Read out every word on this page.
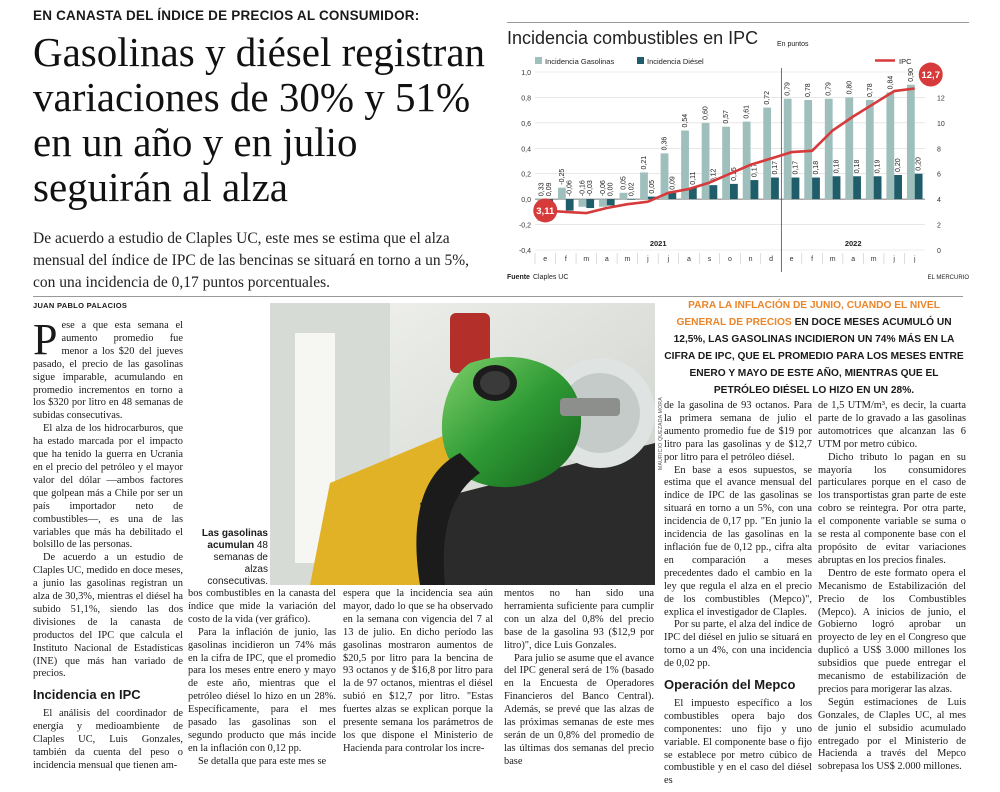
EN CANASTA DEL ÍNDICE DE PRECIOS AL CONSUMIDOR:
Gasolinas y diésel registran variaciones de 30% y 51% en un año y en julio seguirán al alza
De acuerdo a estudio de Claples UC, este mes se estima que el alza mensual del índice de IPC de las bencinas se situará en torno a un 5%, con una incidencia de 0,17 puntos porcentuales.
JUAN PABLO PALACIOS
Incidencia combustibles en IPC	En puntos
-0,4
-0,2
0,0
0,2
0,4
0,6
0,8
1,0
0
2
4
6
8
10
12
0,33 0,09
e
-0,25
-0,06
f
-0,16 -0,03
m
-0,06 0,00
a
0,05 0,02
m
0,21
0,05
j
0,36
0,09
j
0,54
0,11
a
0,60
0,12
s
0,57
0,15
o
0,61
0,17
n
0,72
0,17
d
0,79
0,17
e
0,78
0,18
f
0,79
0,18
m
0,80
0,18
a
0,78
0,19
m
0,84
0,20
j
0,90
0,20
j
2021	2022
3,11
12,7
Incidencia Gasolinas	Incidencia Diésel	IPC
Fuente Claples UC	EL MERCURIO

Pese a que esta semana el aumento promedio fue menor a los $20 del jueves pasado, el precio de las gasolinas sigue imparable, acumulando en promedio incrementos en torno a los $320 por litro en 48 semanas de subidas consecutivas.

El alza de los hidrocarburos, que ha estado marcada por el impacto que ha tenido la guerra en Ucrania en el precio del petróleo y el mayor valor del dólar —ambos factores que golpean más a Chile por ser un país importador neto de combustibles—, es una de las variables que más ha debilitado el bolsillo de las personas.

De acuerdo a un estudio de Claples UC, medido en doce meses, a junio las gasolinas registran un alza de 30,3%, mientras el diésel ha subido 51,1%, siendo las dos divisiones de la canasta de productos del IPC que calcula el Instituto Nacional de Estadísticas (INE) que más han variado de precios.

Incidencia en IPC

El análisis del coordinador de energía y medioambiente de Claples UC, Luis Gonzales, también da cuenta del peso o incidencia mensual que tienen am-

Las gasolinas acumulan 48 semanas de alzas consecutivas.
MAURICIO QUEZADA MORA
PARA LA INFLACIÓN DE JUNIO, CUANDO EL NIVEL GENERAL DE PRECIOS EN DOCE MESES ACUMULÓ UN 12,5%, LAS GASOLINAS INCIDIERON UN 74% MÁS EN LA CIFRA DE IPC, QUE EL PROMEDIO PARA LOS MESES ENTRE ENERO Y MAYO DE ESTE AÑO, MIENTRAS QUE EL PETRÓLEO DIÉSEL LO HIZO EN UN 28%.

bos combustibles en la canasta del índice que mide la variación del costo de la vida (ver gráfico).

Para la inflación de junio, las gasolinas incidieron un 74% más en la cifra de IPC, que el promedio para los meses entre enero y mayo de este año, mientras que el petróleo diésel lo hizo en un 28%. Específicamente, para el mes pasado las gasolinas son el segundo producto que más incide en la inflación con 0,12 pp.

Se detalla que para este mes se

espera que la incidencia sea aún mayor, dado lo que se ha observado en la semana con vigencia del 7 al 13 de julio. En dicho período las gasolinas mostraron aumentos de $20,5 por litro para la bencina de 93 octanos y de $16,8 por litro para la de 97 octanos, mientras el diésel subió en $12,7 por litro. "Estas fuertes alzas se explican porque la presente semana los parámetros de los que dispone el Ministerio de Hacienda para controlar los incre-

mentos no han sido una herramienta suficiente para cumplir con un alza del 0,8% del precio base de la gasolina 93 ($12,9 por litro)", dice Luis Gonzales.

Para julio se asume que el avance del IPC general será de 1% (basado en la Encuesta de Operadores Financieros del Banco Central). Además, se prevé que las alzas de las próximas semanas de este mes serán de un 0,8% del promedio de las últimas dos semanas del precio base

de la gasolina de 93 octanos. Para la primera semana de julio el aumento promedio fue de $19 por litro para las gasolinas y de $12,7 por litro para el petróleo diésel.

En base a esos supuestos, se estima que el avance mensual del índice de IPC de las gasolinas se situará en torno a un 5%, con una incidencia de 0,17 pp. "En junio la incidencia de las gasolinas en la inflación fue de 0,12 pp., cifra alta en comparación a meses precedentes dado el cambio en la ley que regula el alza en el precio de los combustibles (Mepco)", explica el investigador de Claples.

Por su parte, el alza del índice de IPC del diésel en julio se situará en torno a un 4%, con una incidencia de 0,02 pp.

Operación del Mepco

El impuesto específico a los combustibles opera bajo dos componentes: uno fijo y uno variable. El componente base o fijo se establece por metro cúbico de combustible y en el caso del diésel es

de 1,5 UTM/m³, es decir, la cuarta parte de lo gravado a las gasolinas automotrices que alcanzan las 6 UTM por metro cúbico.

Dicho tributo lo pagan en su mayoría los consumidores particulares porque en el caso de los transportistas gran parte de este cobro se reintegra. Por otra parte, el componente variable se suma o se resta al componente base con el propósito de evitar variaciones abruptas en los precios finales.

Dentro de este formato opera el Mecanismo de Estabilización del Precio de los Combustibles (Mepco). A inicios de junio, el Gobierno logró aprobar un proyecto de ley en el Congreso que duplicó a US$ 3.000 millones los subsidios que puede entregar el mecanismo de estabilización de precios para morigerar las alzas.

Según estimaciones de Luis Gonzales, de Claples UC, al mes de junio el subsidio acumulado entregado por el Ministerio de Hacienda a través del Mepco sobrepasa los US$ 2.000 millones.
